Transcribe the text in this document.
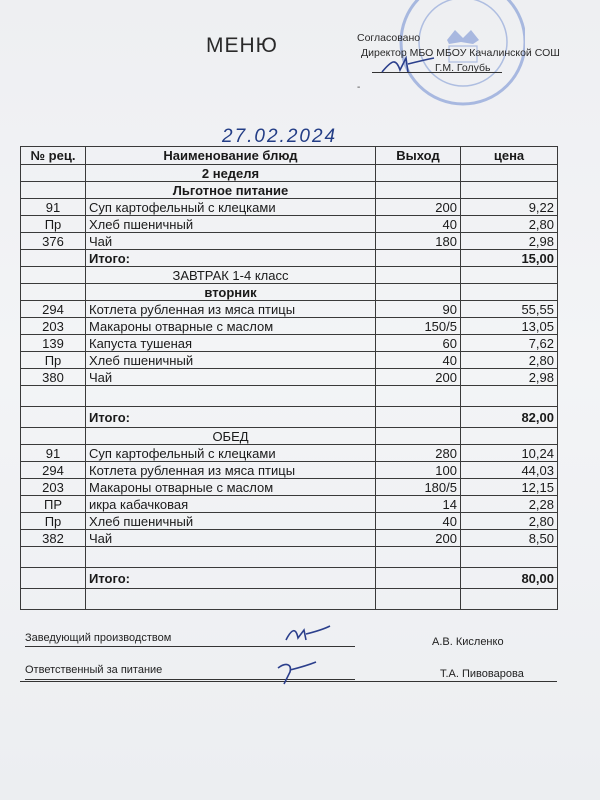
МЕНЮ	Согласовано
Директор МБО МБОУ Качалинской СОШ
Г.М. Голубь
-
27.02.2024
№ рец.	Наименование блюд	Выход	цена
	2 неделя		
	Льготное питание		
91	Суп картофельный с клецками	200	9,22
Пр	Хлеб пшеничный	40	2,80
376	Чай	180	2,98
	Итого:		15,00
	ЗАВТРАК 1-4 класс		
	вторник		
294	Котлета рубленная из мяса птицы	90	55,55
203	Макароны отварные с маслом	150/5	13,05
139	Капуста тушеная	60	7,62
Пр	Хлеб пшеничный	40	2,80
380	Чай	200	2,98

	Итого:		82,00
	ОБЕД		
91	Суп картофельный с клецками	280	10,24
294	Котлета рубленная из мяса птицы	100	44,03
203	Макароны отварные с маслом	180/5	12,15
ПР	икра кабачковая	14	2,28
Пр	Хлеб пшеничный	40	2,80
382	Чай	200	8,50

	Итого:		80,00

Заведующий производством	А.В. Кисленко
Ответственный за питание	Т.А. Пивоварова
